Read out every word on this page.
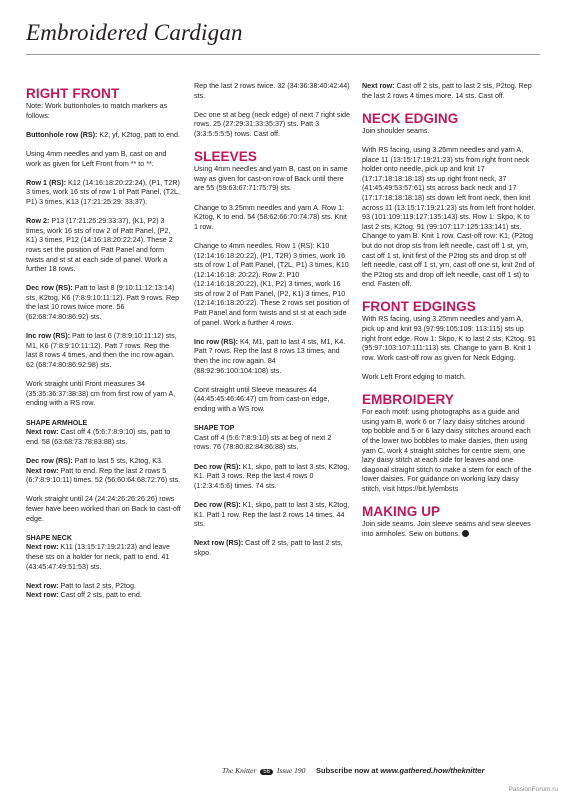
Embroidered Cardigan
RIGHT FRONT

Note: Work buttonholes to match markers as follows:

Buttonhole row (RS): K2, yf, K2tog, patt to end.

Using 4mm needles and yarn B, cast on and work as given for Left Front from ** to **.

Row 1 (RS): K12 (14:16:18:20:22:24), (P1, T2R) 3 times, work 16 sts of row 1 of Patt Panel, (T2L, P1) 3 times, K13 (17:21:25:29: 33:37).

Row 2: P13 (17:21:25:29:33:37), (K1, P2) 3 times, work 16 sts of row 2 of Patt Panel, (P2, K1) 3 times, P12 (14:16:18:20:22:24). These 2 rows set the position of Patt Panel and form twists and st st at each side of panel. Work a further 18 rows.

Dec row (RS): Patt to last 8 (9:10:11:12:13:14) sts, K2tog, K6 (7:8:9:10:11:12). Patt 9 rows. Rep the last 10 rows twice more. 56 (62:68:74:80:86:92) sts.

Inc row (RS): Patt to last 6 (7:8:9:10:11:12) sts, M1, K6 (7:8:9:10:11:12). Patt 7 rows. Rep the last 8 rows 4 times, and then the inc row again. 62 (68:74:80:86:92:98) sts.

Work straight until Front measures 34 (35:35:36:37:38:38) cm from first row of yarn A, ending with a RS row.

SHAPE ARMHOLE

Next row: Cast off 4 (5:6:7:8:9:10) sts, patt to end. 58 (63:68:73:78:83:88) sts.

Dec row (RS): Patt to last 5 sts, K2tog, K3.

Next row: Patt to end. Rep the last 2 rows 5 (6:7:8:9:10:11) times. 52 (56:60:64:68:72:76) sts.

Work straight until 24 (24:24:26:26:26:26) rows fewer have been worked than on Back to cast-off edge.

SHAPE NECK

Next row: K11 (13:15:17:19:21:23) and leave these sts on a holder for neck, patt to end. 41 (43:45:47:49:51:53) sts.

Next row: Patt to last 2 sts, P2tog.

Next row: Cast off 2 sts, patt to end.

Rep the last 2 rows twice. 32 (34:36:38:40:42:44) sts.

Dec one st at beg (neck edge) of next 7 right side rows. 25 (27:29:31:33:35:37) sts. Patt 3 (3:3:5:5:5:5) rows. Cast off.

SLEEVES

Using 4mm needles and yarn B, cast on in same way as given for cast-on row of Back until there are 55 (59:63:67:71:75:79) sts.

Change to 3.25mm needles and yarn A. Row 1: K2tog, K to end. 54 (58:62:66:70:74:78) sts. Knit 1 row.

Change to 4mm needles. Row 1 (RS): K10 (12:14:16:18:20:22), (P1, T2R) 3 times, work 16 sts of row 1 of Patt Panel, (T2L, P1) 3 times, K10 (12:14:16:18: 20:22). Row 2: P10 (12:14:16:18:20:22), (K1, P2) 3 times, work 16 sts of row 2 of Patt Panel, (P2, K1) 3 times, P10 (12:14:16:18:20:22). These 2 rows set position of Patt Panel and form twists and st st at each side of panel. Work a further 4 rows.

Inc row (RS): K4, M1, patt to last 4 sts, M1, K4. Patt 7 rows. Rep the last 8 rows 13 times, and then the inc row again. 84 (88:92:96:100:104:108) sts.

Cont straight until Sleeve measures 44 (44:45:45:46:46:47) cm from cast-on edge, ending with a WS row.

SHAPE TOP

Cast off 4 (5:6:7:8:9:10) sts at beg of next 2 rows. 76 (78:80:82:84:86:88) sts.

Dec row (RS): K1, skpo, patt to last 3 sts, K2tog, K1. Patt 3 rows. Rep the last 4 rows 0 (1:2:3:4:5:6) times. 74 sts.

Dec row (RS): K1, skpo, patt to last 3 sts, K2tog, K1. Patt 1 row. Rep the last 2 rows 14 times. 44 sts.

Next row (RS): Cast off 2 sts, patt to last 2 sts, skpo.

Next row: Cast off 2 sts, patt to last 2 sts, P2tog. Rep the last 2 rows 4 times more. 14 sts. Cast off.

NECK EDGING

Join shoulder seams.

With RS facing, using 3.25mm needles and yarn A, place 11 (13:15:17:19:21:23) sts from right front neck holder onto needle, pick up and knit 17 (17:17:18:18:18:18) sts up right front neck, 37 (41:45:49:53:57:61) sts across back neck and 17 (17:17:18:18:18:18) sts down left front neck, then knit across 11 (13:15:17:19:21:23) sts from left front holder. 93 (101:109:119:127:135:143) sts. Row 1: Skpo, K to last 2 sts, K2tog. 91 (99:107:117:125:133:141) sts. Change to yarn B. Knit 1 row. Cast-off row: K1, (P2tog but do not drop sts from left needle, cast off 1 st, yrn, cast off 1 st, knit first of the P2tog sts and drop st off left needle, cast off 1 st, yrn, cast off one st, knit 2nd of the P2tog sts and drop off left needle, cast off 1 st) to end. Fasten off.

FRONT EDGINGS

With RS facing, using 3.25mm needles and yarn A, pick up and knit 93 (97:99:105:109: 113:115) sts up right front edge. Row 1: Skpo, K to last 2 sts, K2tog. 91 (95:97:103:107:111:113) sts. Change to yarn B. Knit 1 row. Work cast-off row as given for Neck Edging.

Work Left Front edging to match.

EMBROIDERY

For each motif: using photographs as a guide and using yarn B, work 6 or 7 lazy daisy stitches around top bobble and 5 or 6 lazy daisy stitches around each of the lower two bobbles to make daisies, then using yarn C, work 4 straight stitches for centre stem, one lazy daisy stitch at each side for leaves and one diagonal straight stitch to make a stem for each of the lower daisies. For guidance on working lazy daisy stitch, visit https://bit.ly/embsts

MAKING UP

Join side seams. Join sleeve seams and sew sleeves into armholes. Sew on buttons.

The Knitter 56 Issue 190 Subscribe now at www.gathered.how/theknitter
PassionForum.ru
